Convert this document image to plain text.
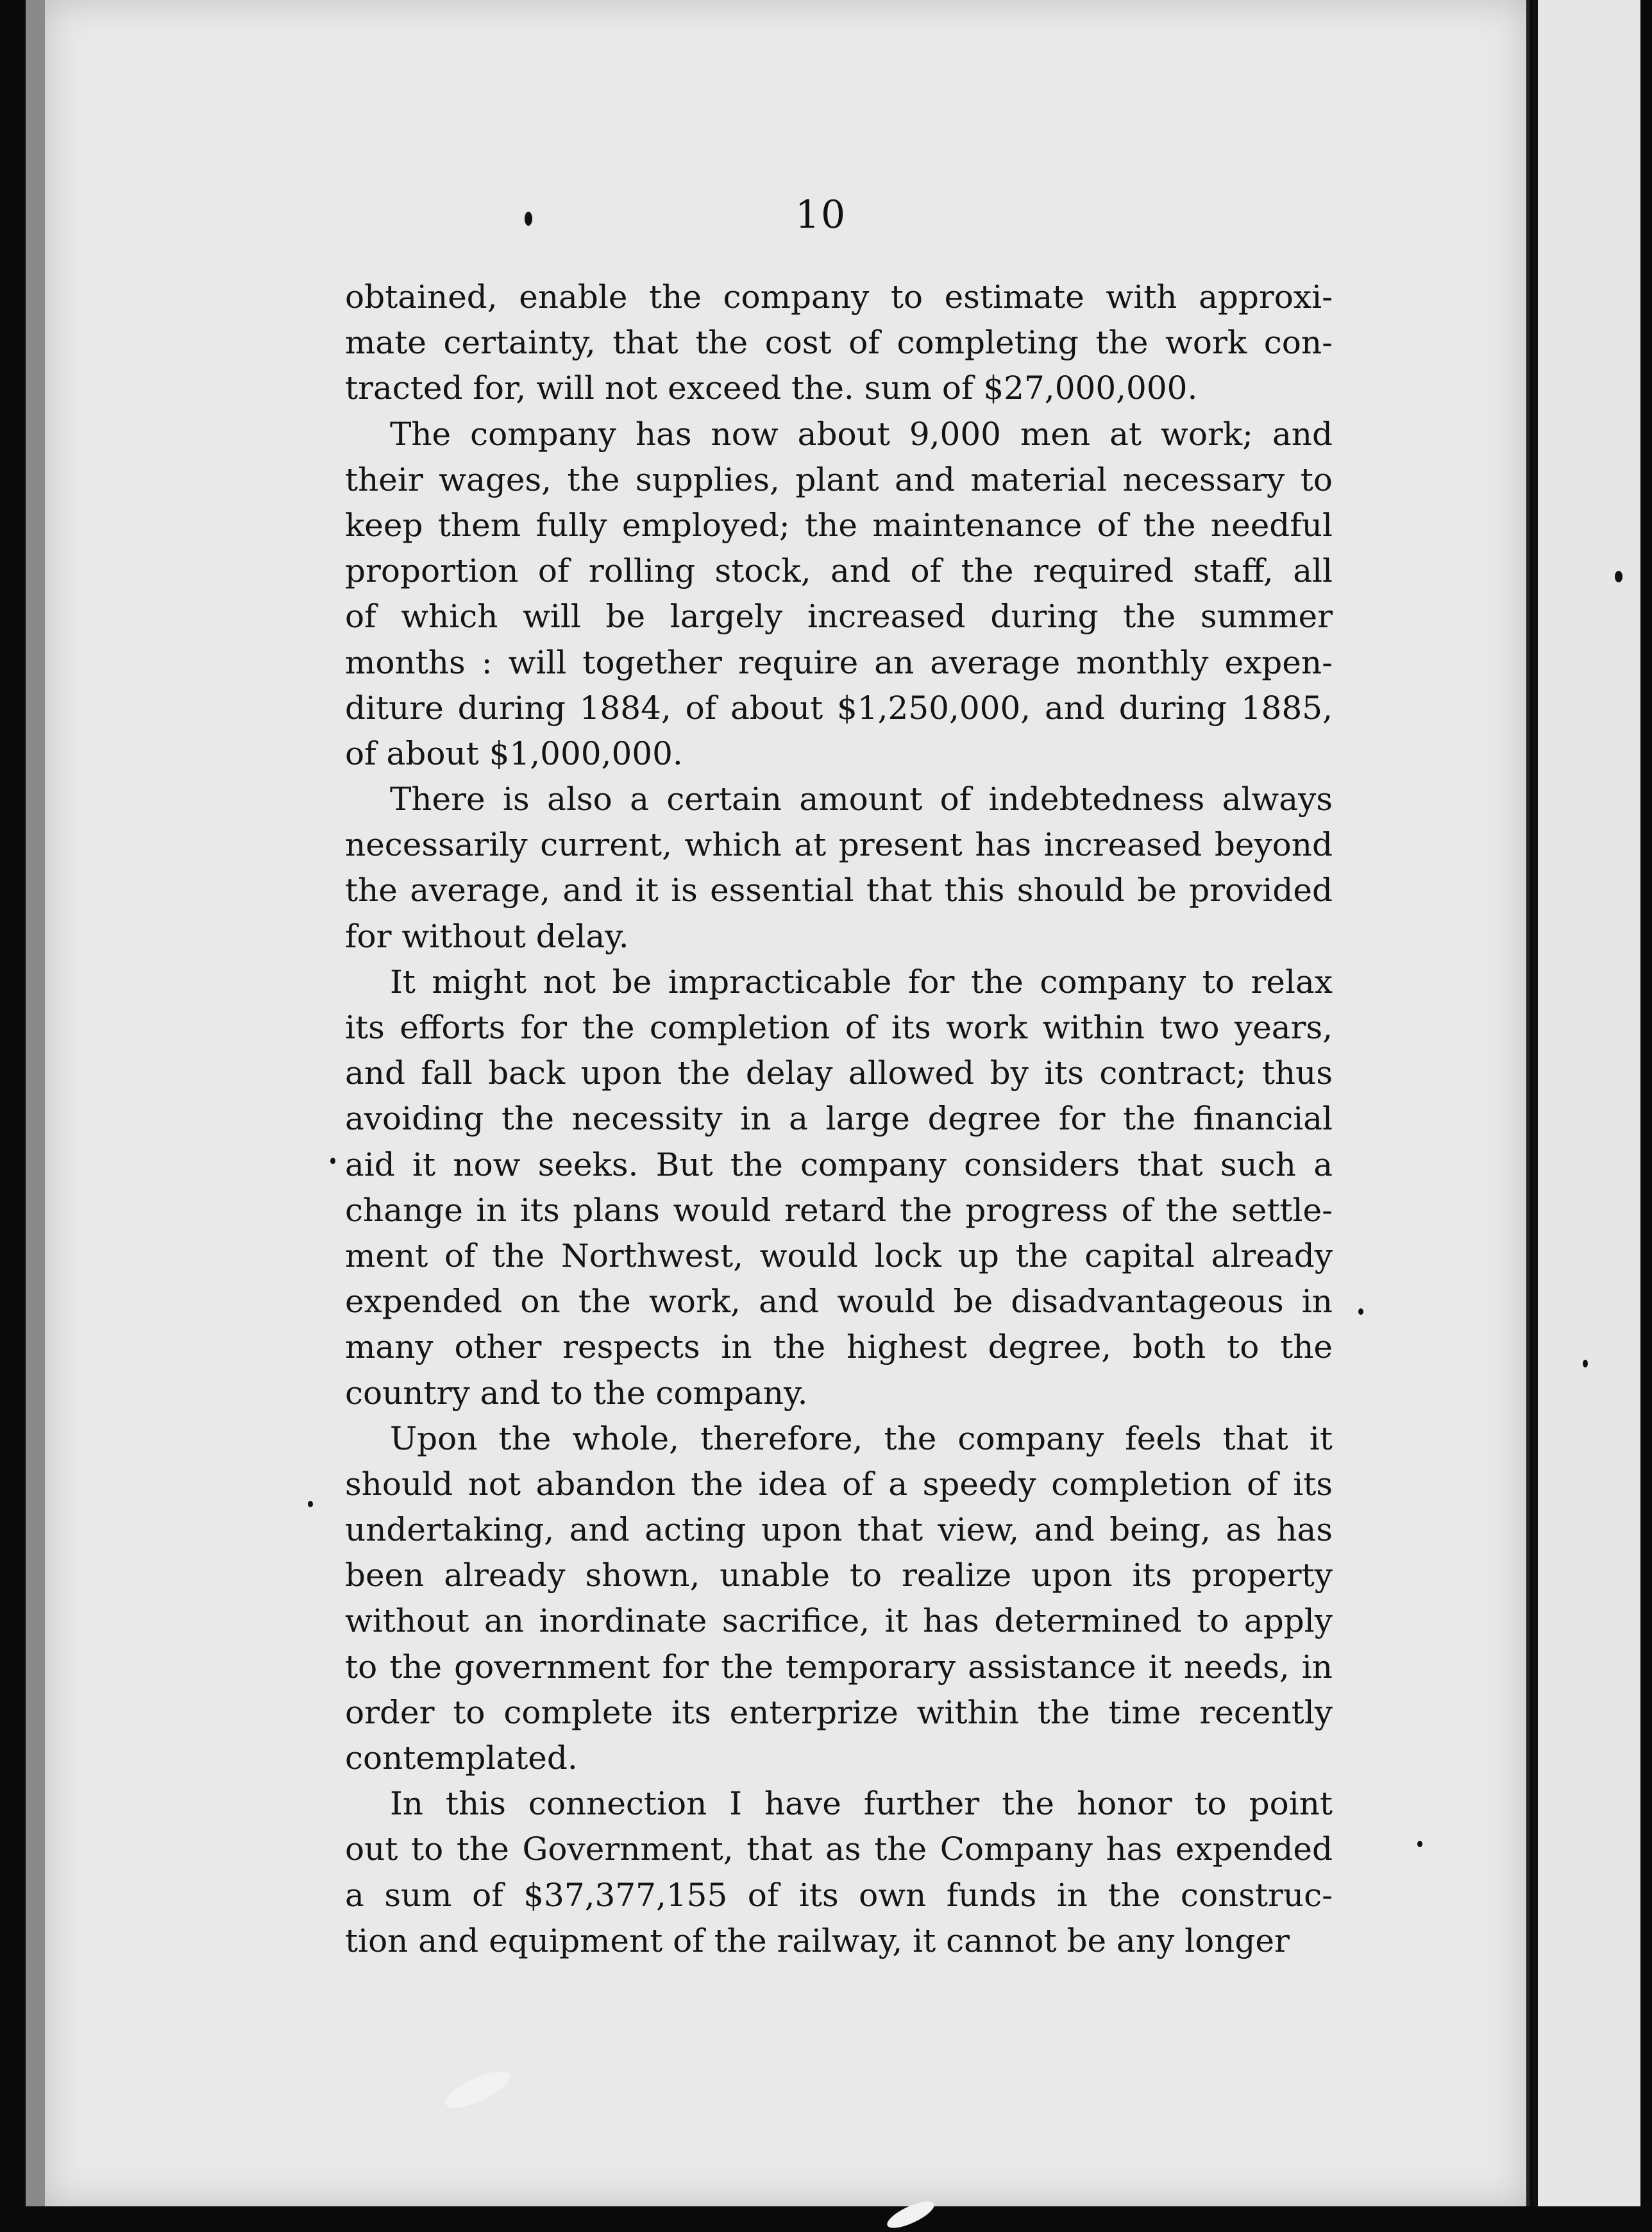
10
obtained, enable the company to estimate with approxi-
mate certainty, that the cost of completing the work con-
tracted for, will not exceed the. sum of $27,000,000.
The company has now about 9,000 men at work; and
their wages, the supplies, plant and material necessary to
keep them fully employed; the maintenance of the needful
proportion of rolling stock, and of the required staff, all
of which will be largely increased during the summer
months : will together require an average monthly expen-
diture during 1884, of about $1,250,000, and during 1885,
of about $1,000,000.
There is also a certain amount of indebtedness always
necessarily current, which at present has increased beyond
the average, and it is essential that this should be provided
for without delay.
It might not be impracticable for the company to relax
its efforts for the completion of its work within two years,
and fall back upon the delay allowed by its contract; thus
avoiding the necessity in a large degree for the financial
aid it now seeks. But the company considers that such a
change in its plans would retard the progress of the settle-
ment of the Northwest, would lock up the capital already
expended on the work, and would be disadvantageous in
many other respects in the highest degree, both to the
country and to the company.
Upon the whole, therefore, the company feels that it
should not abandon the idea of a speedy completion of its
undertaking, and acting upon that view, and being, as has
been already shown, unable to realize upon its property
without an inordinate sacrifice, it has determined to apply
to the government for the temporary assistance it needs, in
order to complete its enterprize within the time recently
contemplated.
In this connection I have further the honor to point
out to the Government, that as the Company has expended
a sum of $37,377,155 of its own funds in the construc-
tion and equipment of the railway, it cannot be any longer
